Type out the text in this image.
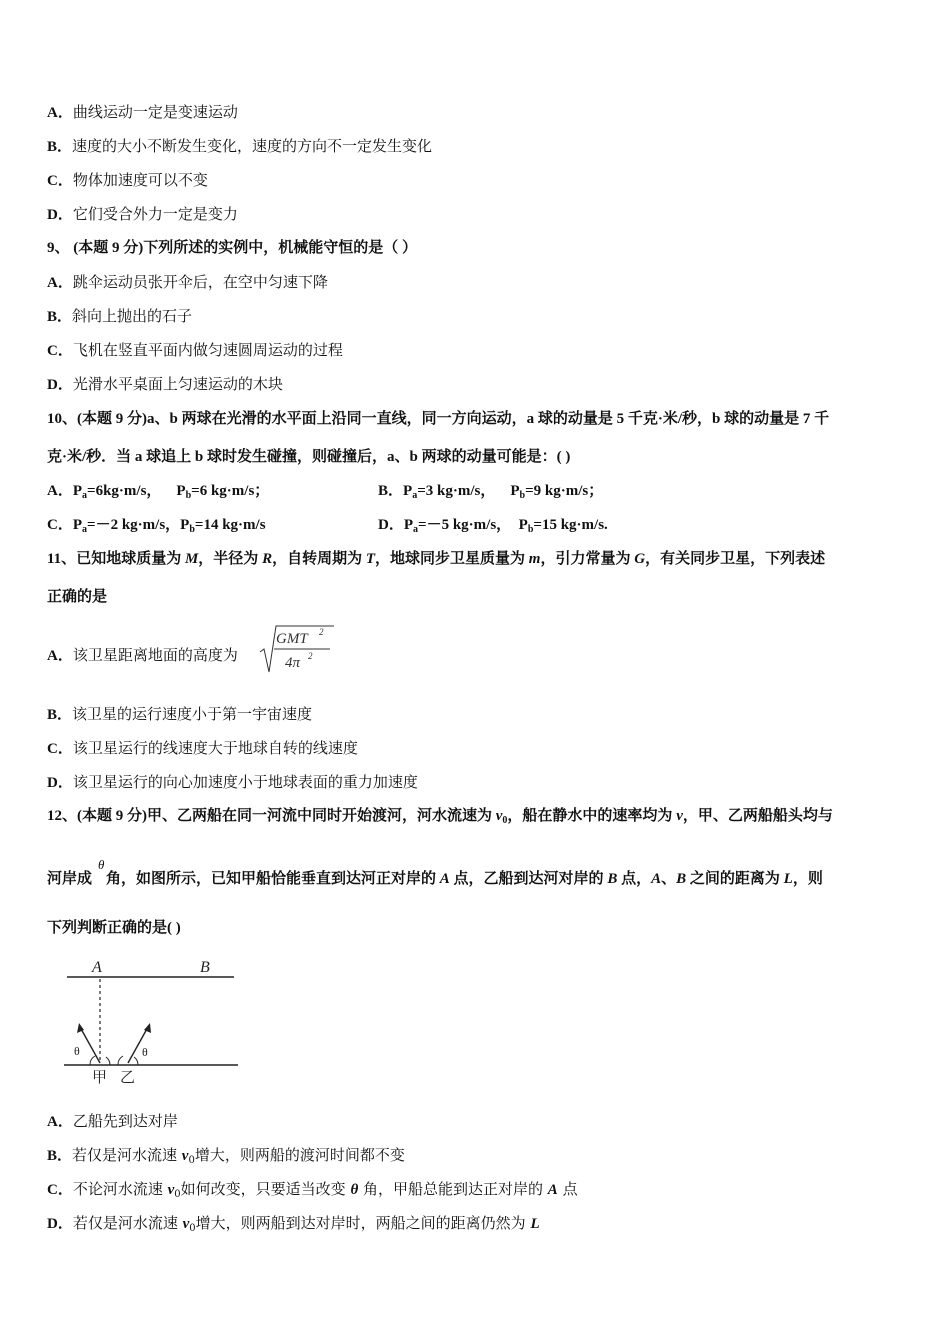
A．曲线运动一定是变速运动
B．速度的大小不断发生变化，速度的方向不一定发生变化
C．物体加速度可以不变
D．它们受合外力一定是变力
9、 (本题 9 分)下列所述的实例中，机械能守恒的是（ ）
A．跳伞运动员张开伞后，在空中匀速下降
B．斜向上抛出的石子
C．飞机在竖直平面内做匀速圆周运动的过程
D．光滑水平桌面上匀速运动的木块
10、(本题 9 分)a、b 两球在光滑的水平面上沿同一直线，同一方向运动，a 球的动量是 5 千克·米/秒，b 球的动量是 7 千
克·米/秒．当 a 球追上 b 球时发生碰撞，则碰撞后，a、b 两球的动量可能是：( )
A．$P_a=6kg\cdot m/s$， $P_b=6$ kg·m/s；	B．$P_a=3$ kg·m/s， $P_b=9$ kg·m/s；
C．$P_a=-2$ kg·m/s，$P_b=14$ kg·m/s	D．$P_a=-5$ kg·m/s， $P_b=15$ kg·m/s.
11、已知地球质量为 M，半径为 R，自转周期为 T，地球同步卫星质量为 m，引力常量为 G，有关同步卫星，下列表述
正确的是
A．该卫星距离地面的高度为
GMT 2
4π 2
B．该卫星的运行速度小于第一宇宙速度
C．该卫星运行的线速度大于地球自转的线速度
D．该卫星运行的向心加速度小于地球表面的重力加速度
12、(本题 9 分)甲、乙两船在同一河流中同时开始渡河，河水流速为 $v_0$，船在静水中的速率均为 v，甲、乙两船船头均与
θ
河岸成 角，如图所示，已知甲船恰能垂直到达河正对岸的 A 点，乙船到达河对岸的 B 点，A、B 之间的距离为 L，则
下列判断正确的是( )
A	B
θ	θ
甲 乙
A．乙船先到达对岸
B．若仅是河水流速 $v_0$增大，则两船的渡河时间都不变
C．不论河水流速 $v_0$如何改变，只要适当改变 θ 角，甲船总能到达正对岸的 A 点
D．若仅是河水流速 $v_0$增大，则两船到达对岸时，两船之间的距离仍然为 L
